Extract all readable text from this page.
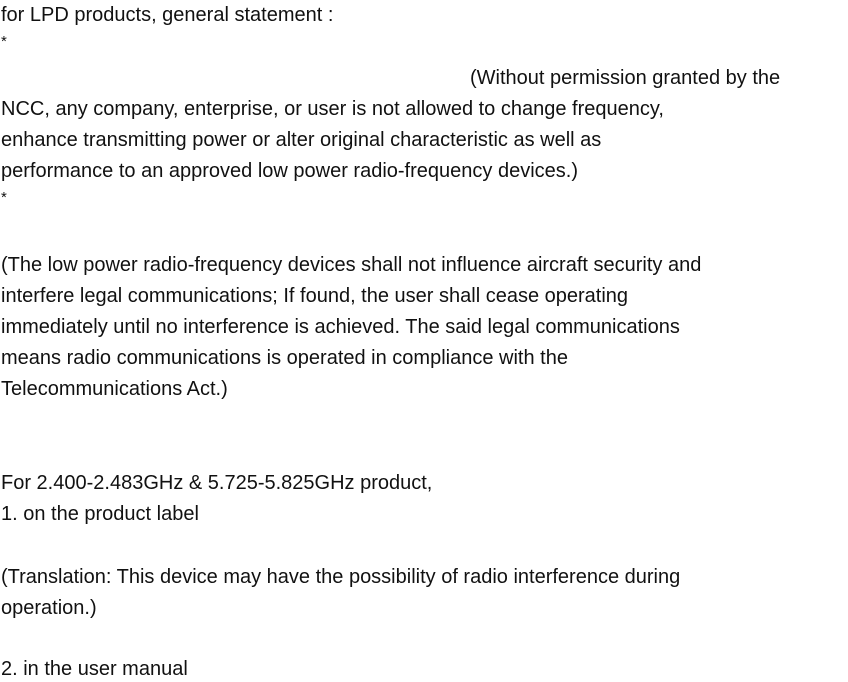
for LPD products, general statement :
*
(Without permission granted by the
NCC, any company, enterprise, or user is not allowed to change frequency,
enhance transmitting power or alter original characteristic as well as
performance to an approved low power radio-frequency devices.)
*
(The low power radio-frequency devices shall not influence aircraft security and
interfere legal communications; If found, the user shall cease operating
immediately until no interference is achieved. The said legal communications
means radio communications is operated in compliance with the
Telecommunications Act.)
For 2.400-2.483GHz & 5.725-5.825GHz product,
1. on the product label
(Translation: This device may have the possibility of radio interference during
operation.)
2. in the user manual
